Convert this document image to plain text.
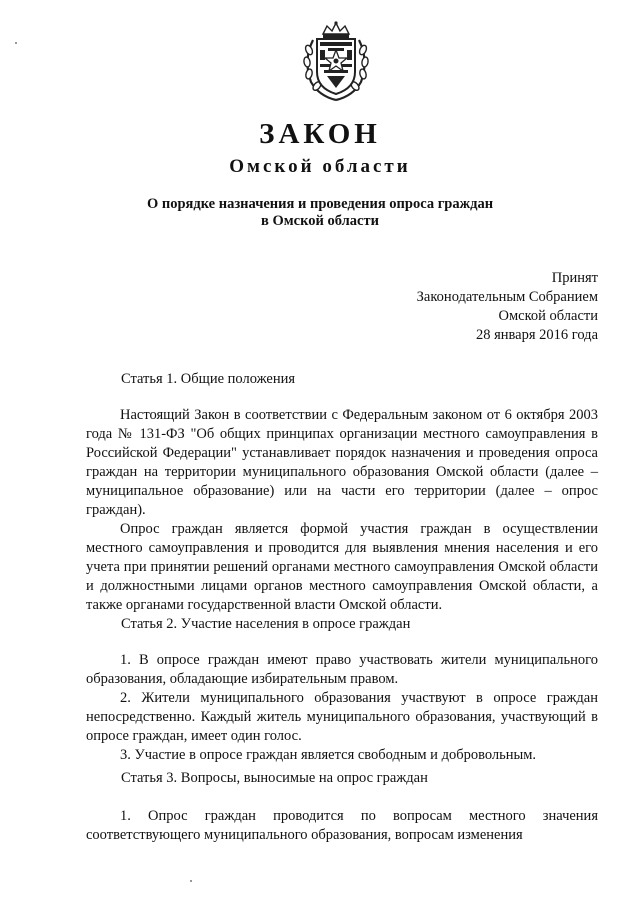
ЗАКОН
Омской области
О порядке назначения и проведения опроса граждан
в Омской области
Принят
Законодательным Собранием
Омской области
28 января 2016 года
Статья 1. Общие положения

Настоящий Закон в соответствии с Федеральным законом от 6 октября 2003 года № 131-ФЗ "Об общих принципах организации местного самоуправления в Российской Федерации" устанавливает порядок назначения и проведения опроса граждан на территории муниципального образования Омской области (далее – муниципальное образование) или на части его территории (далее – опрос граждан).

Опрос граждан является формой участия граждан в осуществлении местного самоуправления и проводится для выявления мнения населения и его учета при принятии решений органами местного самоуправления Омской области и должностными лицами органов местного самоуправления Омской области, а также органами государственной власти Омской области.

Статья 2. Участие населения в опросе граждан

1. В опросе граждан имеют право участвовать жители муниципального образования, обладающие избирательным правом.

2. Жители муниципального образования участвуют в опросе граждан непосредственно. Каждый житель муниципального образования, участвующий в опросе граждан, имеет один голос.

3. Участие в опросе граждан является свободным и добровольным.

Статья 3. Вопросы, выносимые на опрос граждан

1. Опрос граждан проводится по вопросам местного значения соответствующего муниципального образования, вопросам изменения
